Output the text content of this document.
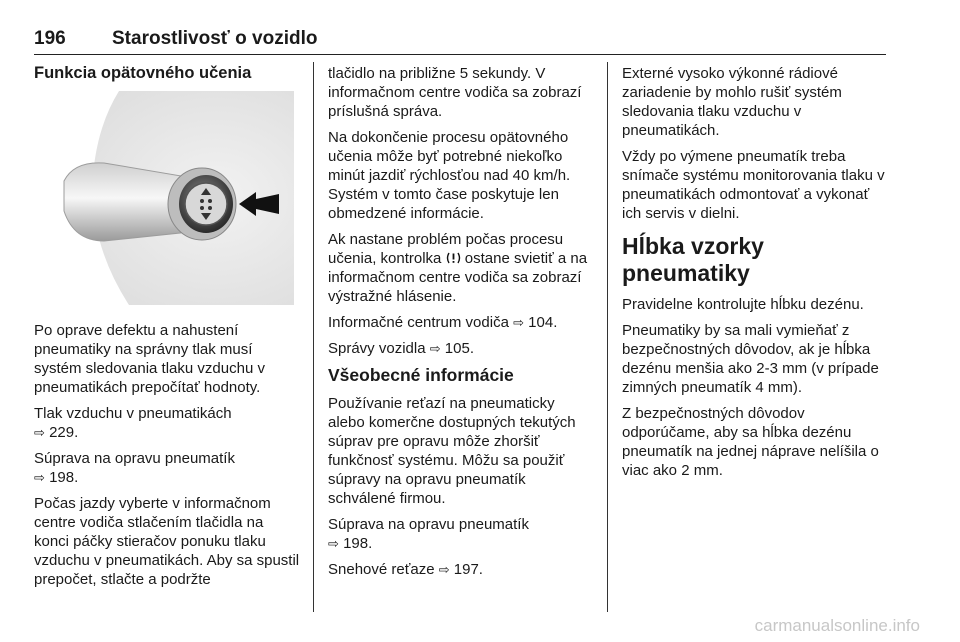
196 Starostlivosť o vozidlo
Funkcia opätovného učenia

Po oprave defektu a nahustení pneumatiky na správny tlak musí systém sledovania tlaku vzduchu v pneumatikách prepočítať hodnoty.

Tlak vzduchu v pneumatikách
⇨ 229.

Súprava na opravu pneumatík
⇨ 198.

Počas jazdy vyberte v informačnom centre vodiča stlačením tlačidla na konci páčky stieračov ponuku tlaku vzduchu v pneumatikách. Aby sa spustil prepočet, stlačte a podržte

tlačidlo na približne 5 sekundy. V informačnom centre vodiča sa zobrazí príslušná správa.

Na dokončenie procesu opätovného učenia môže byť potrebné niekoľko minút jazdiť rýchlosťou nad 40 km/h. Systém v tomto čase poskytuje len obmedzené informácie.

Ak nastane problém počas procesu učenia, kontrolka ostane svietiť a na informačnom centre vodiča sa zobrazí výstražné hlásenie.

Informačné centrum vodiča ⇨ 104.

Správy vozidla ⇨ 105.

Všeobecné informácie

Používanie reťazí na pneumaticky alebo komerčne dostupných tekutých súprav pre opravu môže zhoršiť funkčnosť systému. Môžu sa použiť súpravy na opravu pneumatík schválené firmou.

Súprava na opravu pneumatík
⇨ 198.

Snehové reťaze ⇨ 197.

Externé vysoko výkonné rádiové zariadenie by mohlo rušiť systém sledovania tlaku vzduchu v pneumatikách.

Vždy po výmene pneumatík treba snímače systému monitorovania tlaku v pneumatikách odmontovať a vykonať ich servis v dielni.

Hĺbka vzorky pneumatiky

Pravidelne kontrolujte hĺbku dezénu.

Pneumatiky by sa mali vymieňať z bezpečnostných dôvodov, ak je hĺbka dezénu menšia ako 2-3 mm (v prípade zimných pneumatík 4 mm).

Z bezpečnostných dôvodov odporúčame, aby sa hĺbka dezénu pneumatík na jednej náprave nelíšila o viac ako 2 mm.

carmanualsonline.info
